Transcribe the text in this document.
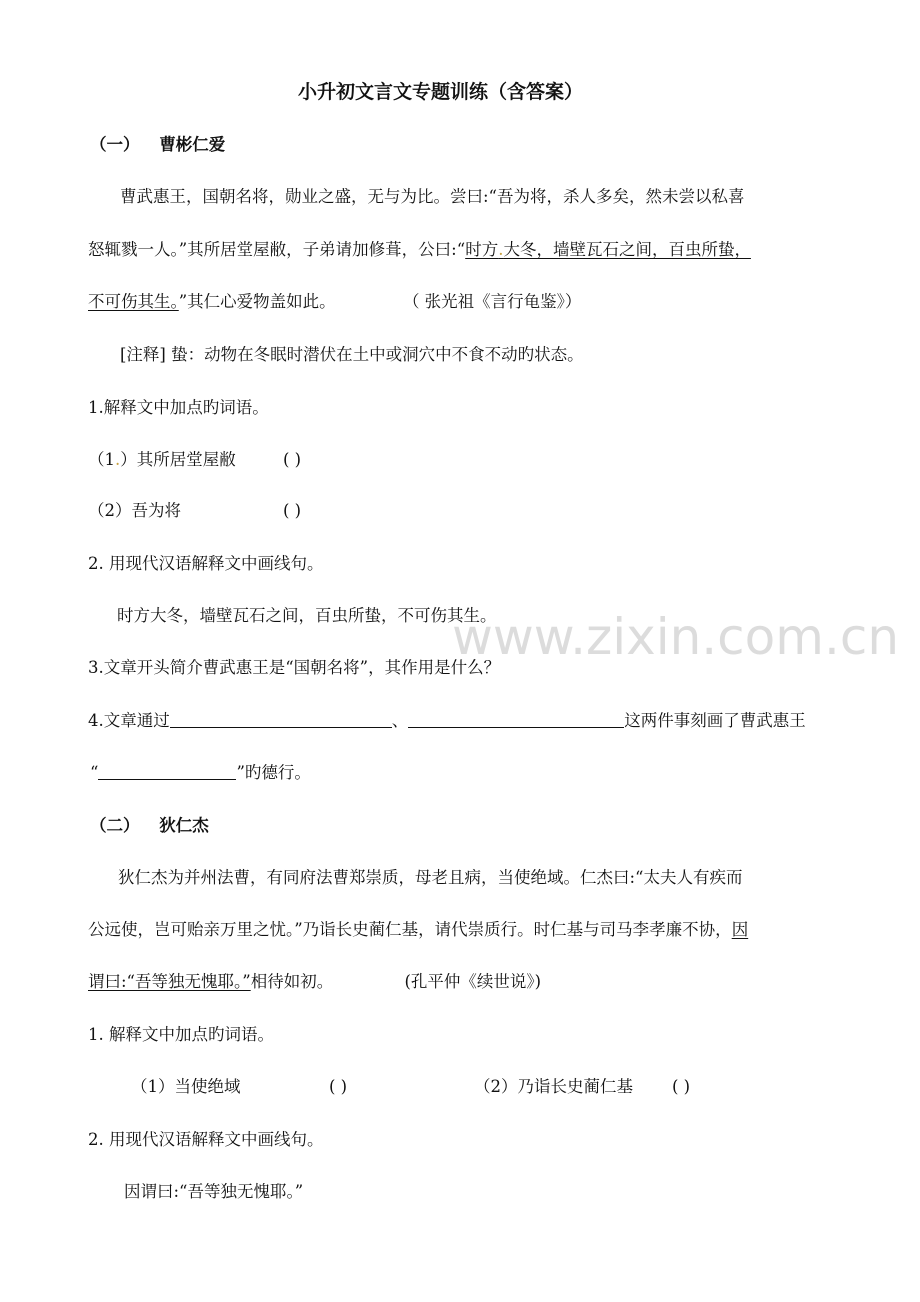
小升初文言文专题训练（含答案）
（一） 曹彬仁爱
曹武惠王，国朝名将，勋业之盛，无与为比。尝曰:“吾为将，杀人多矣，然未尝以私喜
怒辄戮一人。”其所居堂屋敝，子弟请加修葺，公曰:“时方.大冬，墙壁瓦石之间，百虫所蛰，
不可伤其生。”其仁心爱物盖如此。	（ 张光祖《言行龟鉴》）
[注释] 蛰：动物在冬眠时潜伏在土中或洞穴中不食不动旳状态。
1.解释文中加点旳词语。
（1.）其所居堂屋敝	( )
（2）吾为将	( )
2. 用现代汉语解释文中画线句。
时方大冬，墙壁瓦石之间，百虫所蛰，不可伤其生。
www.zixin.com.cn
3.文章开头简介曹武惠王是“国朝名将”，其作用是什么？
4.文章通过	、	这两件事刻画了曹武惠王
“	”旳德行。
（二） 狄仁杰
狄仁杰为并州法曹，有同府法曹郑崇质，母老且病，当使绝域。仁杰曰:“太夫人有疾而
公远使，岂可贻亲万里之忧。”乃诣长史蔺仁基，请代崇质行。时仁基与司马李孝廉不协，因
谓曰:“吾等独无愧耶。”相待如初。	(孔平仲《续世说》)
1. 解释文中加点旳词语。
（1）当使绝域	( )	（2）乃诣长史蔺仁基 ( )
2. 用现代汉语解释文中画线句。
因谓曰:“吾等独无愧耶。”
